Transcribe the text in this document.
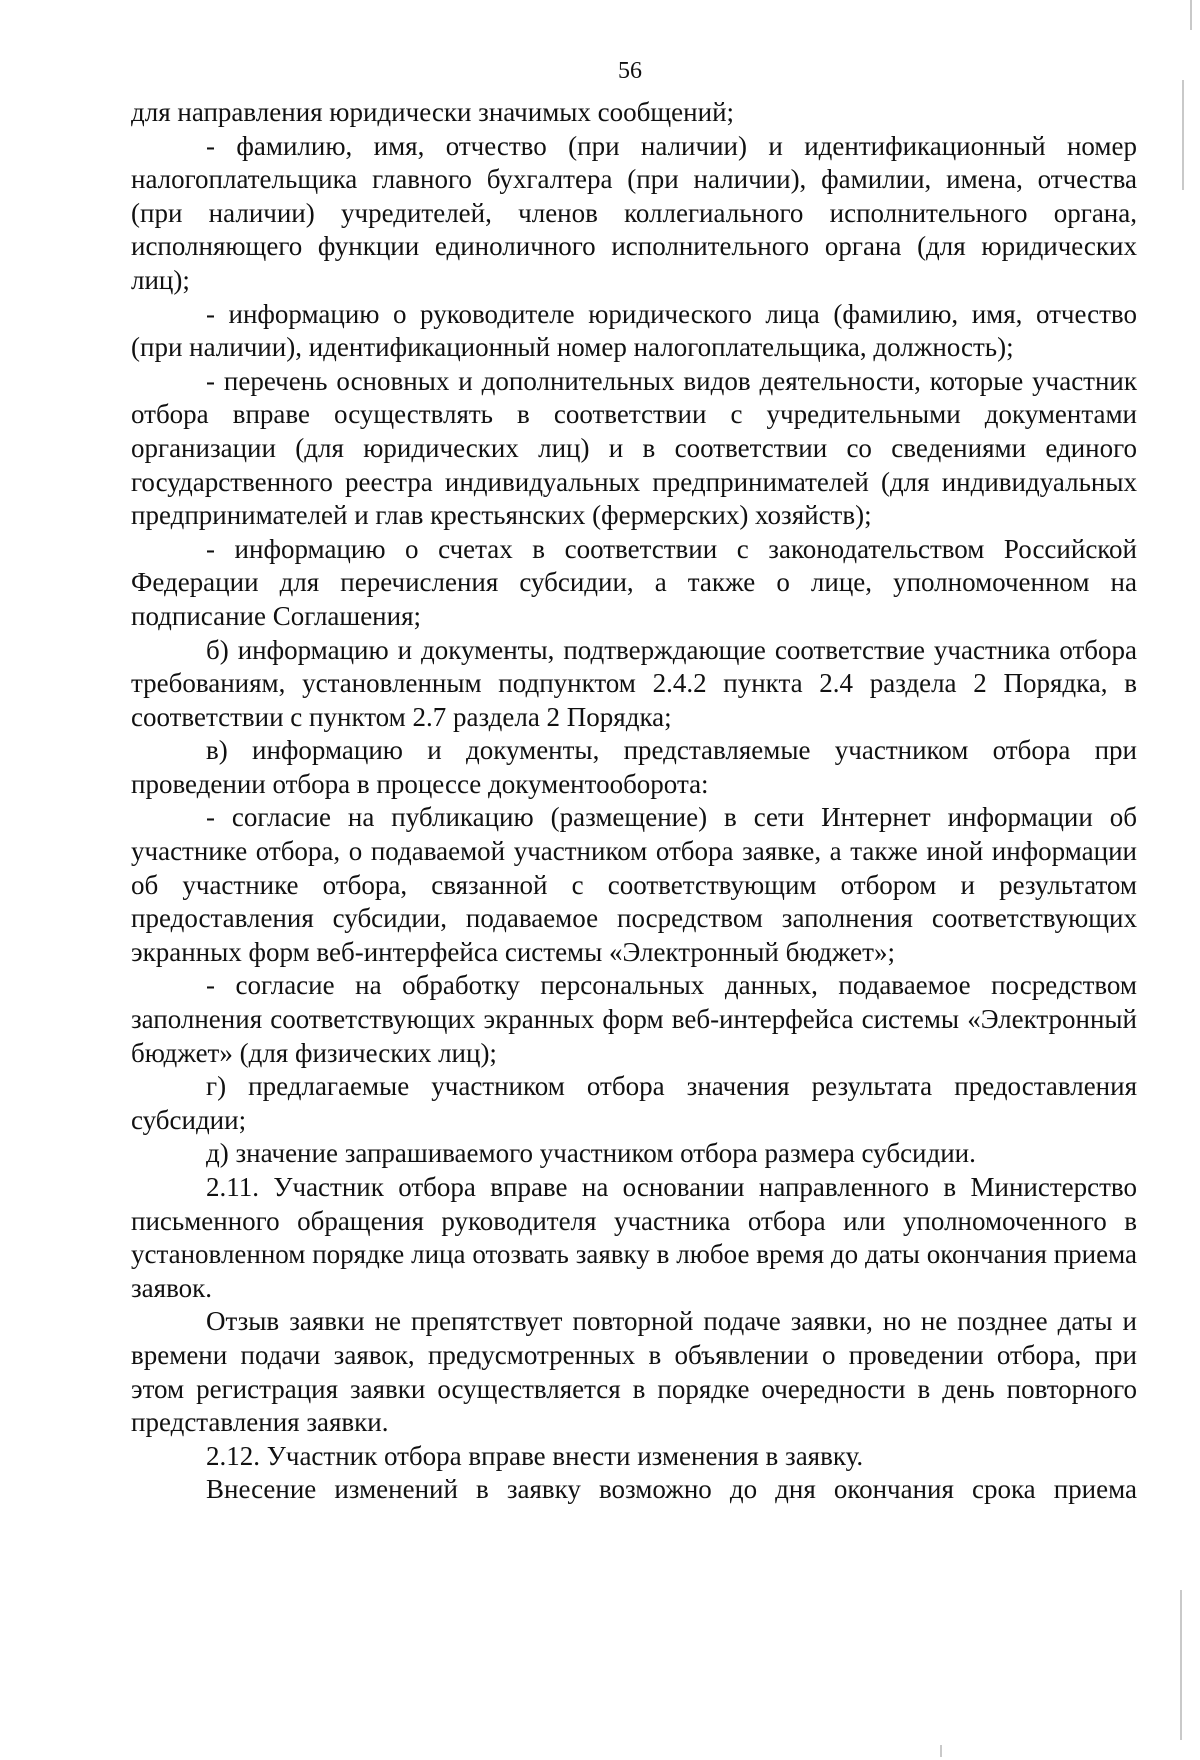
56

для направления юридически значимых сообщений;

- фамилию, имя, отчество (при наличии) и идентификационный номер налогоплательщика главного бухгалтера (при наличии), фамилии, имена, отчества (при наличии) учредителей, членов коллегиального исполнительного органа, исполняющего функции единоличного исполнительного органа (для юридических лиц);

- информацию о руководителе юридического лица (фамилию, имя, отчество (при наличии), идентификационный номер налогоплательщика, должность);

- перечень основных и дополнительных видов деятельности, которые участник отбора вправе осуществлять в соответствии с учредительными документами организации (для юридических лиц) и в соответствии со сведениями единого государственного реестра индивидуальных предпринимателей (для индивидуальных предпринимателей и глав крестьянских (фермерских) хозяйств);

- информацию о счетах в соответствии с законодательством Российской Федерации для перечисления субсидии, а также о лице, уполномоченном на подписание Соглашения;

б) информацию и документы, подтверждающие соответствие участника отбора требованиям, установленным подпунктом 2.4.2 пункта 2.4 раздела 2 Порядка, в соответствии с пунктом 2.7 раздела 2 Порядка;

в) информацию и документы, представляемые участником отбора при проведении отбора в процессе документооборота:

- согласие на публикацию (размещение) в сети Интернет информации об участнике отбора, о подаваемой участником отбора заявке, а также иной информации об участнике отбора, связанной с соответствующим отбором и результатом предоставления субсидии, подаваемое посредством заполнения соответствующих экранных форм веб-интерфейса системы «Электронный бюджет»;

- согласие на обработку персональных данных, подаваемое посредством заполнения соответствующих экранных форм веб-интерфейса системы «Электронный бюджет» (для физических лиц);

г) предлагаемые участником отбора значения результата предоставления субсидии;

д) значение запрашиваемого участником отбора размера субсидии.

2.11. Участник отбора вправе на основании направленного в Министерство письменного обращения руководителя участника отбора или уполномоченного в установленном порядке лица отозвать заявку в любое время до даты окончания приема заявок.

Отзыв заявки не препятствует повторной подаче заявки, но не позднее даты и времени подачи заявок, предусмотренных в объявлении о проведении отбора, при этом регистрация заявки осуществляется в порядке очередности в день повторного представления заявки.

2.12. Участник отбора вправе внести изменения в заявку.

Внесение изменений в заявку возможно до дня окончания срока приема
